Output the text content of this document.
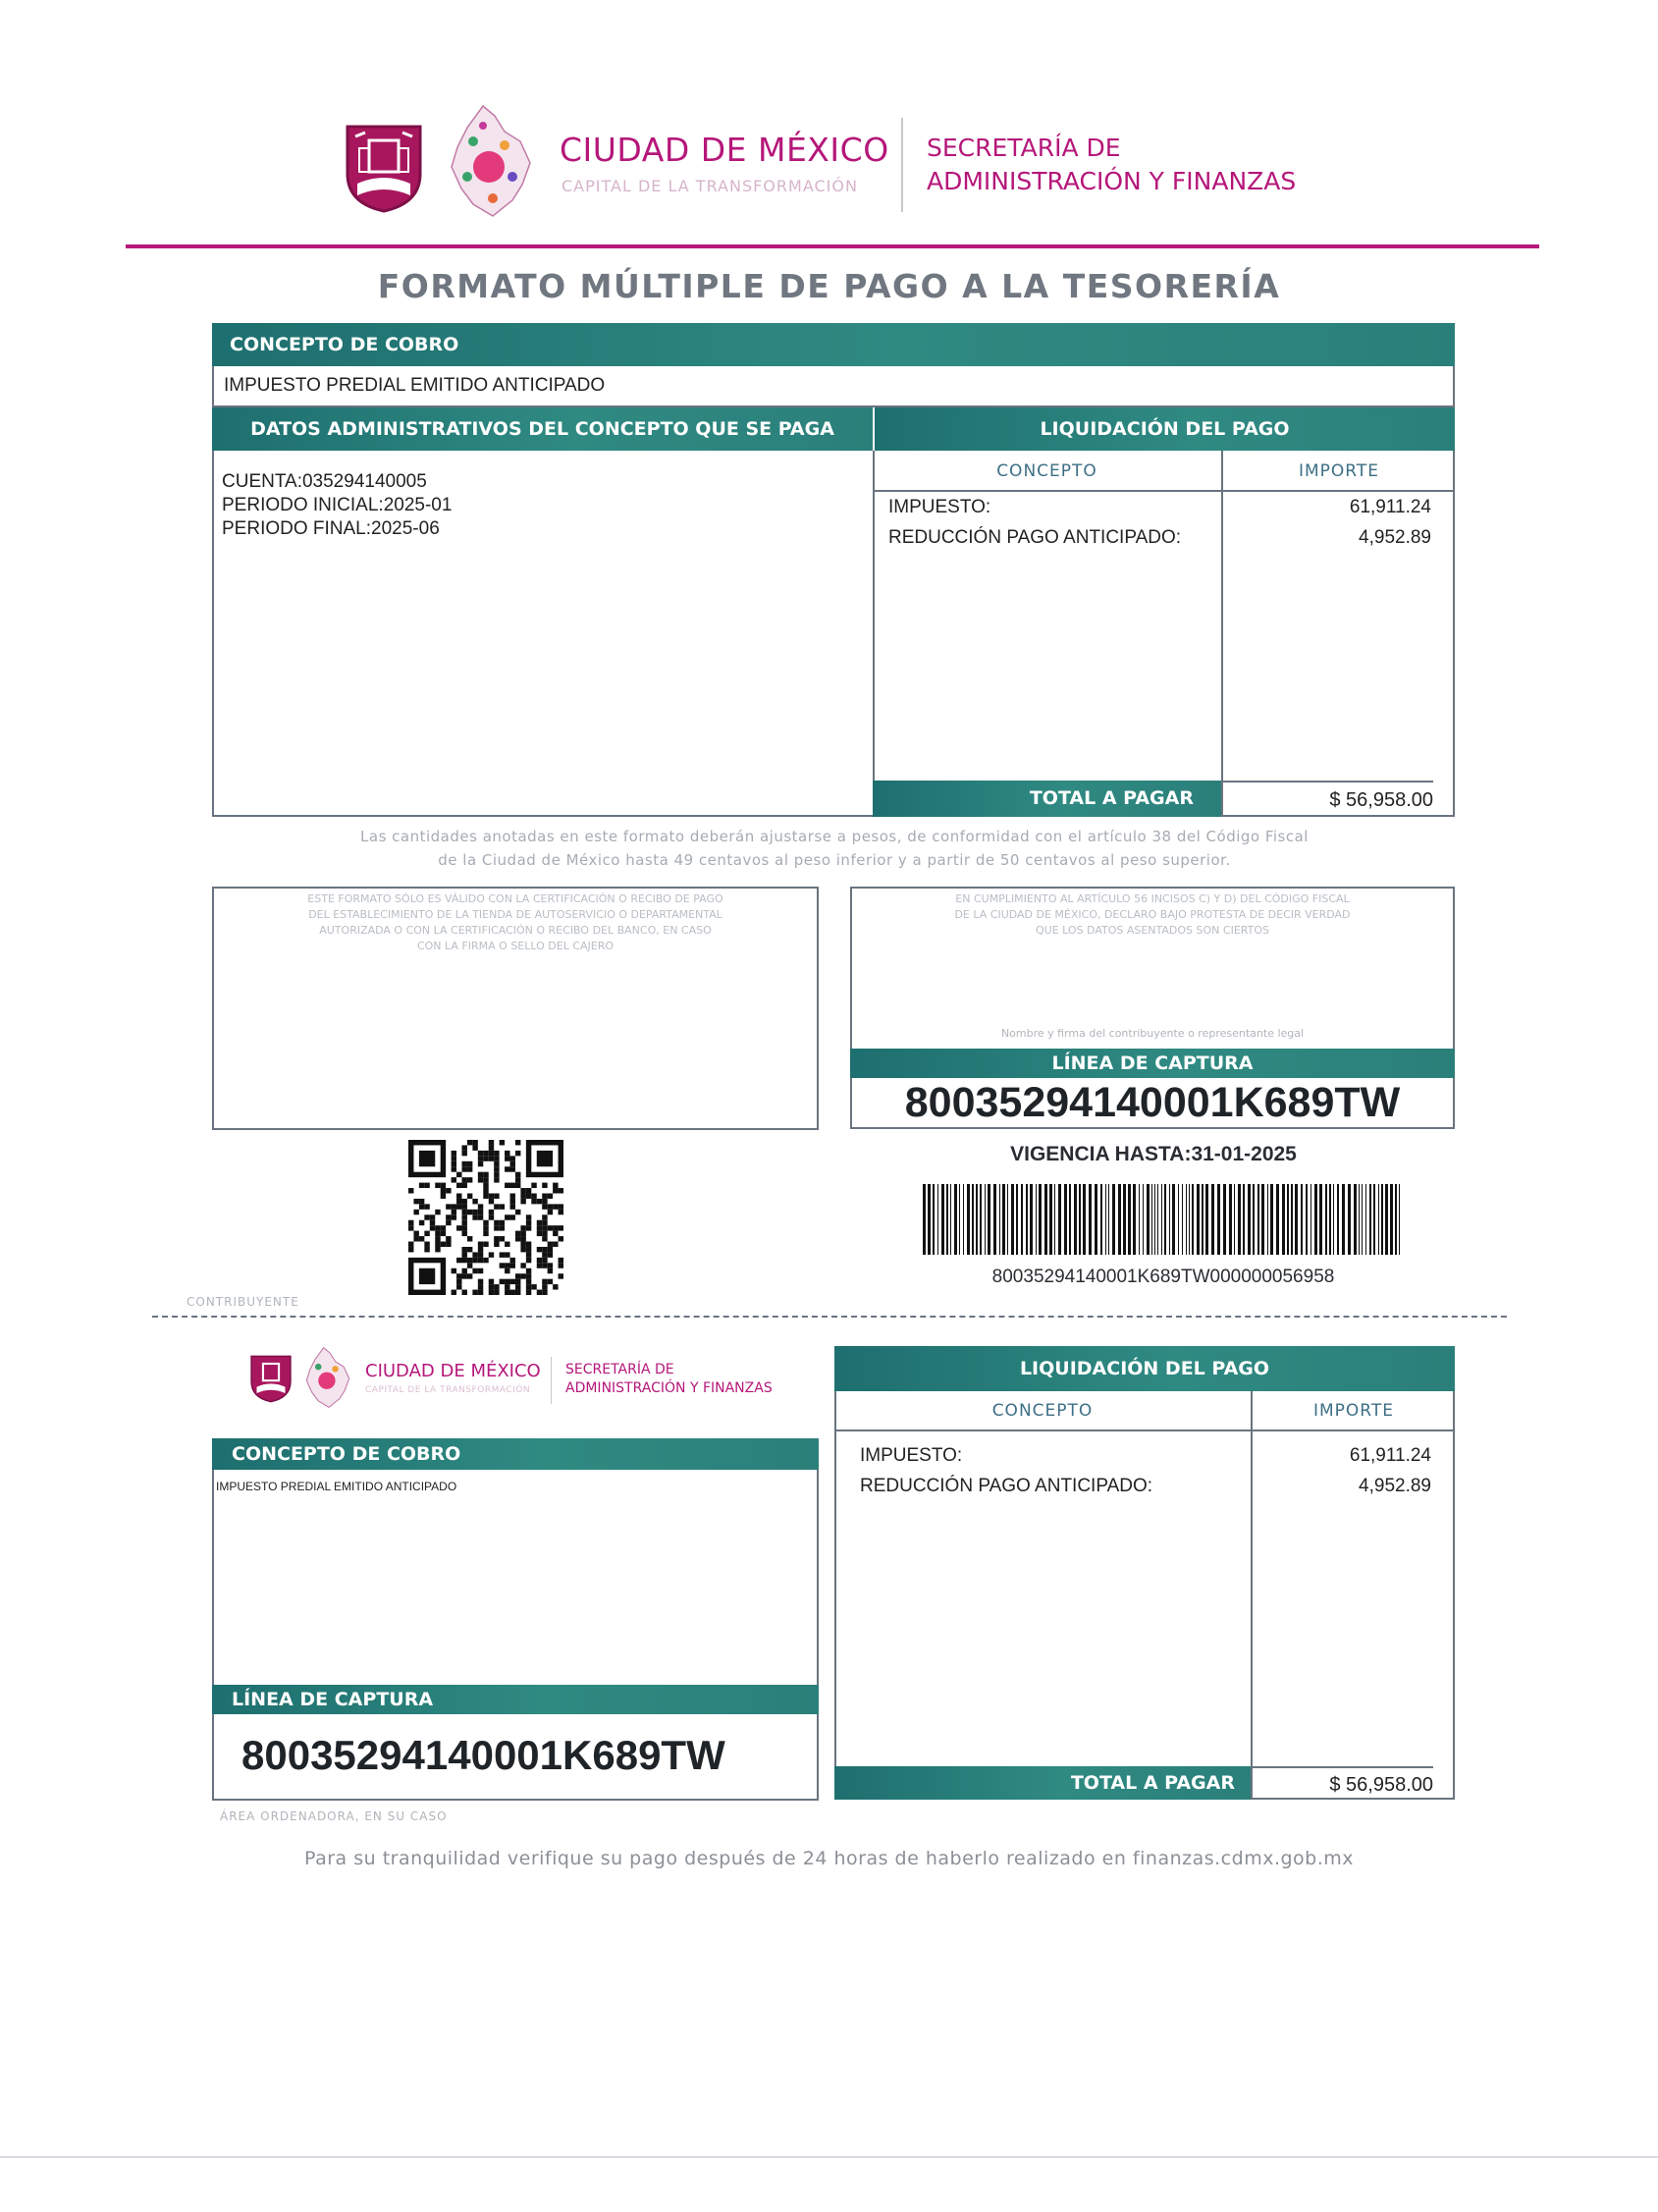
CIUDAD DE MÉXICO
CAPITAL DE LA TRANSFORMACIÓN
SECRETARÍA DE
ADMINISTRACIÓN Y FINANZAS
FORMATO MÚLTIPLE DE PAGO A LA TESORERÍA
CONCEPTO DE COBRO
IMPUESTO PREDIAL EMITIDO ANTICIPADO
DATOS ADMINISTRATIVOS DEL CONCEPTO QUE SE PAGA	LIQUIDACIÓN DEL PAGO
CUENTA:035294140005
PERIODO INICIAL:2025-01
PERIODO FINAL:2025-06
CONCEPTO	IMPORTE
IMPUESTO:	61,911.24
REDUCCIÓN PAGO ANTICIPADO:	4,952.89
TOTAL A PAGAR	$ 56,958.00
Las cantidades anotadas en este formato deberán ajustarse a pesos, de conformidad con el artículo 38 del Código Fiscal
de la Ciudad de México hasta 49 centavos al peso inferior y a partir de 50 centavos al peso superior.
ESTE FORMATO SÓLO ES VÁLIDO CON LA CERTIFICACIÓN O RECIBO DE PAGO
DEL ESTABLECIMIENTO DE LA TIENDA DE AUTOSERVICIO O DEPARTAMENTAL
AUTORIZADA O CON LA CERTIFICACIÓN O RECIBO DEL BANCO, EN CASO
CON LA FIRMA O SELLO DEL CAJERO
EN CUMPLIMIENTO AL ARTÍCULO 56 INCISOS C) Y D) DEL CÓDIGO FISCAL
DE LA CIUDAD DE MÉXICO, DECLARO BAJO PROTESTA DE DECIR VERDAD
QUE LOS DATOS ASENTADOS SON CIERTOS
Nombre y firma del contribuyente o representante legal
LÍNEA DE CAPTURA
80035294140001K689TW
VIGENCIA HASTA:31-01-2025
80035294140001K689TW000000056958
CONTRIBUYENTE
CIUDAD DE MÉXICO
CAPITAL DE LA TRANSFORMACIÓN
SECRETARÍA DE
ADMINISTRACIÓN Y FINANZAS
CONCEPTO DE COBRO
IMPUESTO PREDIAL EMITIDO ANTICIPADO
LÍNEA DE CAPTURA
80035294140001K689TW
ÁREA ORDENADORA, EN SU CASO
LIQUIDACIÓN DEL PAGO
CONCEPTO	IMPORTE
IMPUESTO:	61,911.24
REDUCCIÓN PAGO ANTICIPADO:	4,952.89
TOTAL A PAGAR	$ 56,958.00
Para su tranquilidad verifique su pago después de 24 horas de haberlo realizado en finanzas.cdmx.gob.mx
